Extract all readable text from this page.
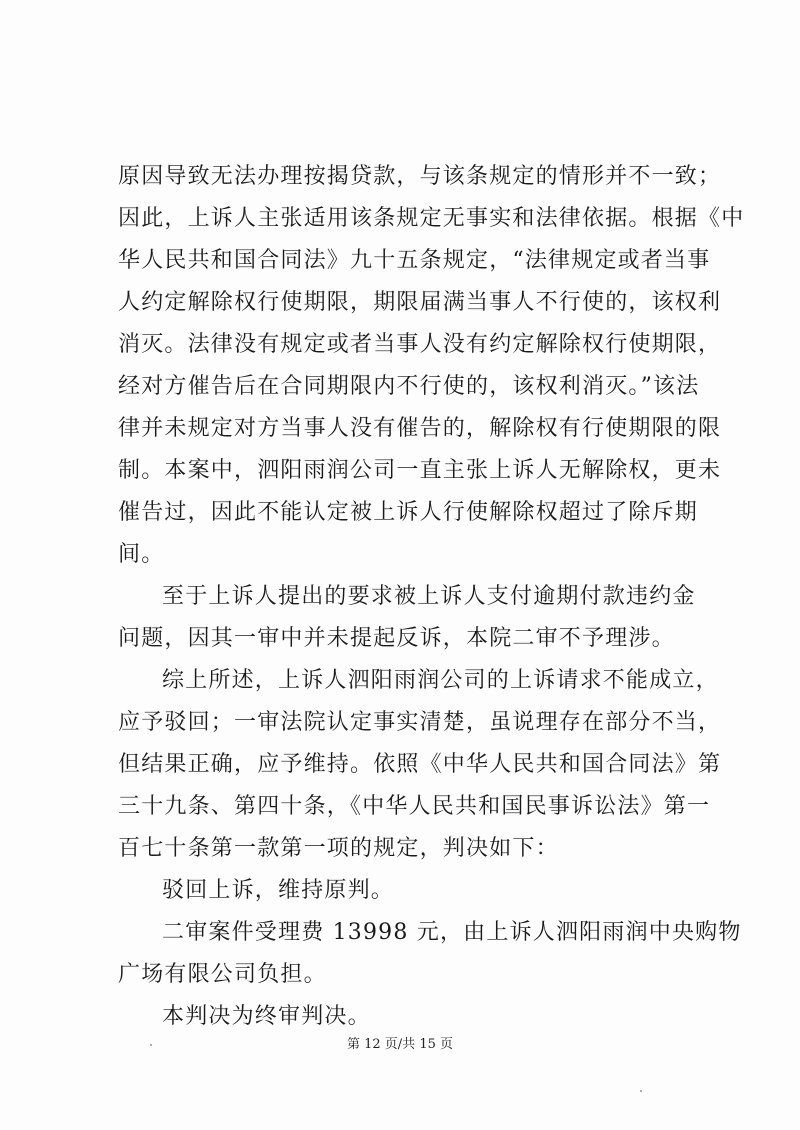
原因导致无法办理按揭贷款，与该条规定的情形并不一致；
因此，上诉人主张适用该条规定无事实和法律依据。根据《中
华人民共和国合同法》九十五条规定，“法律规定或者当事
人约定解除权行使期限，期限届满当事人不行使的，该权利
消灭。法律没有规定或者当事人没有约定解除权行使期限，
经对方催告后在合同期限内不行使的，该权利消灭。”该法
律并未规定对方当事人没有催告的，解除权有行使期限的限
制。本案中，泗阳雨润公司一直主张上诉人无解除权，更未
催告过，因此不能认定被上诉人行使解除权超过了除斥期
间。
至于上诉人提出的要求被上诉人支付逾期付款违约金
问题，因其一审中并未提起反诉，本院二审不予理涉。
综上所述，上诉人泗阳雨润公司的上诉请求不能成立，
应予驳回；一审法院认定事实清楚，虽说理存在部分不当，
但结果正确，应予维持。依照《中华人民共和国合同法》第
三十九条、第四十条，《中华人民共和国民事诉讼法》第一
百七十条第一款第一项的规定，判决如下：
驳回上诉，维持原判。
二审案件受理费 13998 元，由上诉人泗阳雨润中央购物
广场有限公司负担。
本判决为终审判决。
第 12 页/共 15 页
